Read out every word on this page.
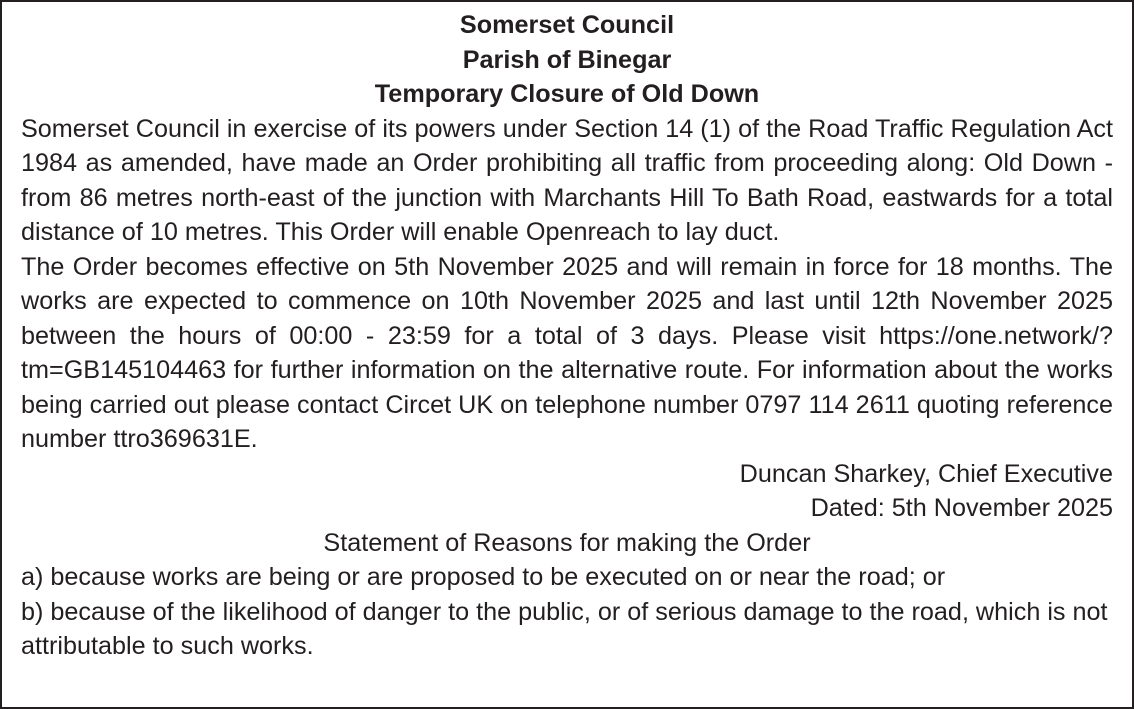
Somerset Council
Parish of Binegar
Temporary Closure of Old Down

Somerset Council in exercise of its powers under Section 14 (1) of the Road Traffic Regulation Act 1984 as amended, have made an Order prohibiting all traffic from proceeding along: Old Down - from 86 metres north-east of the junction with Marchants Hill To Bath Road, eastwards for a total distance of 10 metres. This Order will enable Openreach to lay duct.

The Order becomes effective on 5th November 2025 and will remain in force for 18 months. The works are expected to commence on 10th November 2025 and last until 12th November 2025 between the hours of 00:00 - 23:59 for a total of 3 days. Please visit https://one.network/?tm=GB145104463 for further information on the alternative route. For information about the works being carried out please contact Circet UK on telephone number 0797 114 2611 quoting reference number ttro369631E.

Duncan Sharkey, Chief Executive
Dated: 5th November 2025
Statement of Reasons for making the Order

a) because works are being or are proposed to be executed on or near the road; or

b) because of the likelihood of danger to the public, or of serious damage to the road, which is not attributable to such works.
